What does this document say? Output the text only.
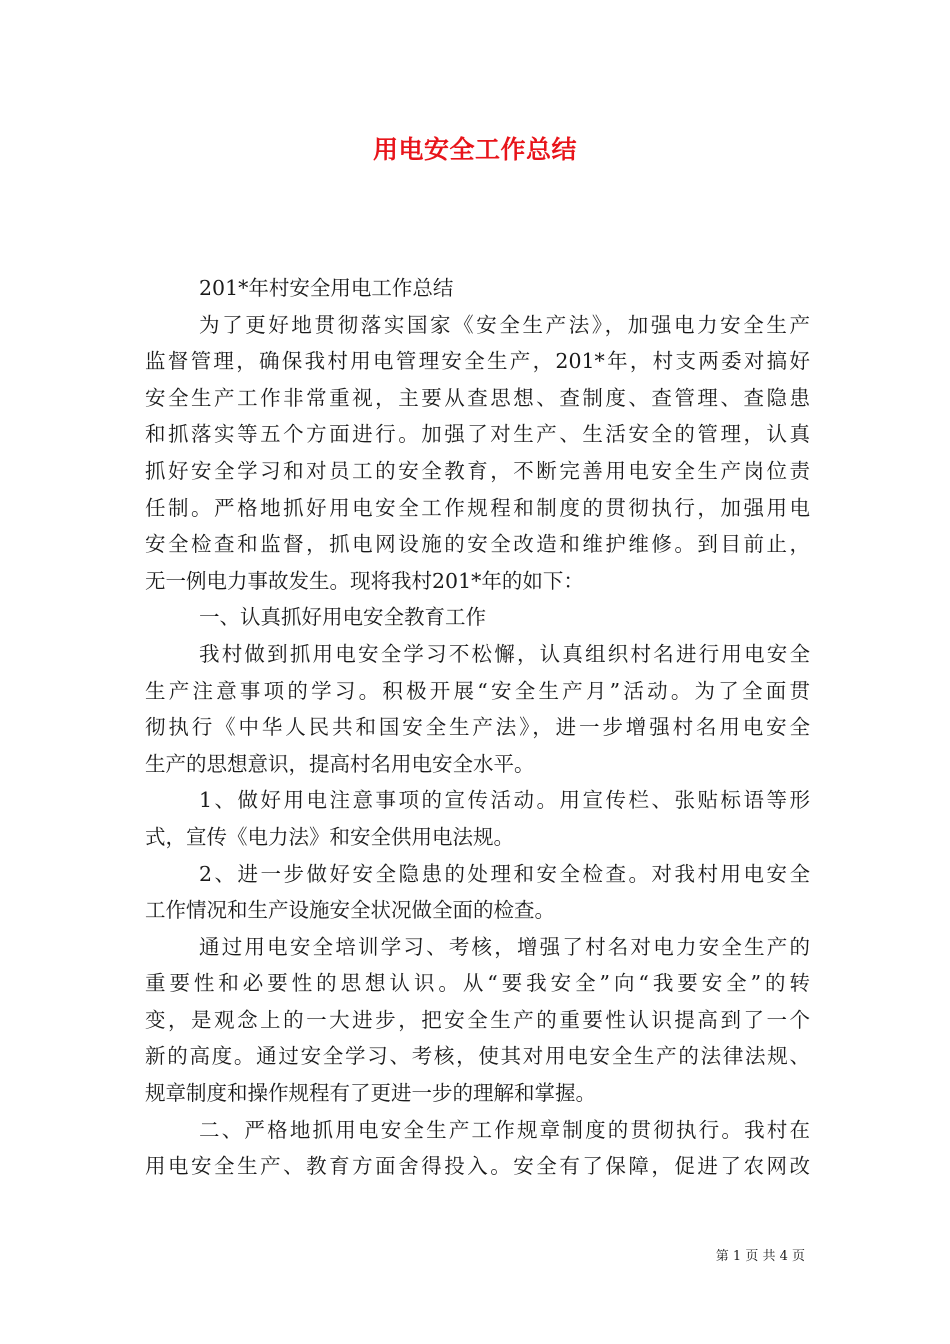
用电安全工作总结
201*年村安全用电工作总结
为了更好地贯彻落实国家《安全生产法》，加强电力安全生产
监督管理，确保我村用电管理安全生产，201*年，村支两委对搞好
安全生产工作非常重视，主要从查思想、查制度、查管理、查隐患
和抓落实等五个方面进行。加强了对生产、生活安全的管理，认真
抓好安全学习和对员工的安全教育，不断完善用电安全生产岗位责
任制。严格地抓好用电安全工作规程和制度的贯彻执行，加强用电
安全检查和监督，抓电网设施的安全改造和维护维修。到目前止，
无一例电力事故发生。现将我村201*年的如下：
一、认真抓好用电安全教育工作
我村做到抓用电安全学习不松懈，认真组织村名进行用电安全
生产注意事项的学习。积极开展“安全生产月”活动。为了全面贯
彻执行《中华人民共和国安全生产法》，进一步增强村名用电安全
生产的思想意识，提高村名用电安全水平。
1、做好用电注意事项的宣传活动。用宣传栏、张贴标语等形
式，宣传《电力法》和安全供用电法规。
2、进一步做好安全隐患的处理和安全检查。对我村用电安全
工作情况和生产设施安全状况做全面的检查。
通过用电安全培训学习、考核，增强了村名对电力安全生产的
重要性和必要性的思想认识。从“要我安全”向“我要安全”的转
变，是观念上的一大进步，把安全生产的重要性认识提高到了一个
新的高度。通过安全学习、考核，使其对用电安全生产的法律法规、
规章制度和操作规程有了更进一步的理解和掌握。
二、严格地抓用电安全生产工作规章制度的贯彻执行。我村在
用电安全生产、教育方面舍得投入。安全有了保障，促进了农网改
第 1 页 共 4 页
